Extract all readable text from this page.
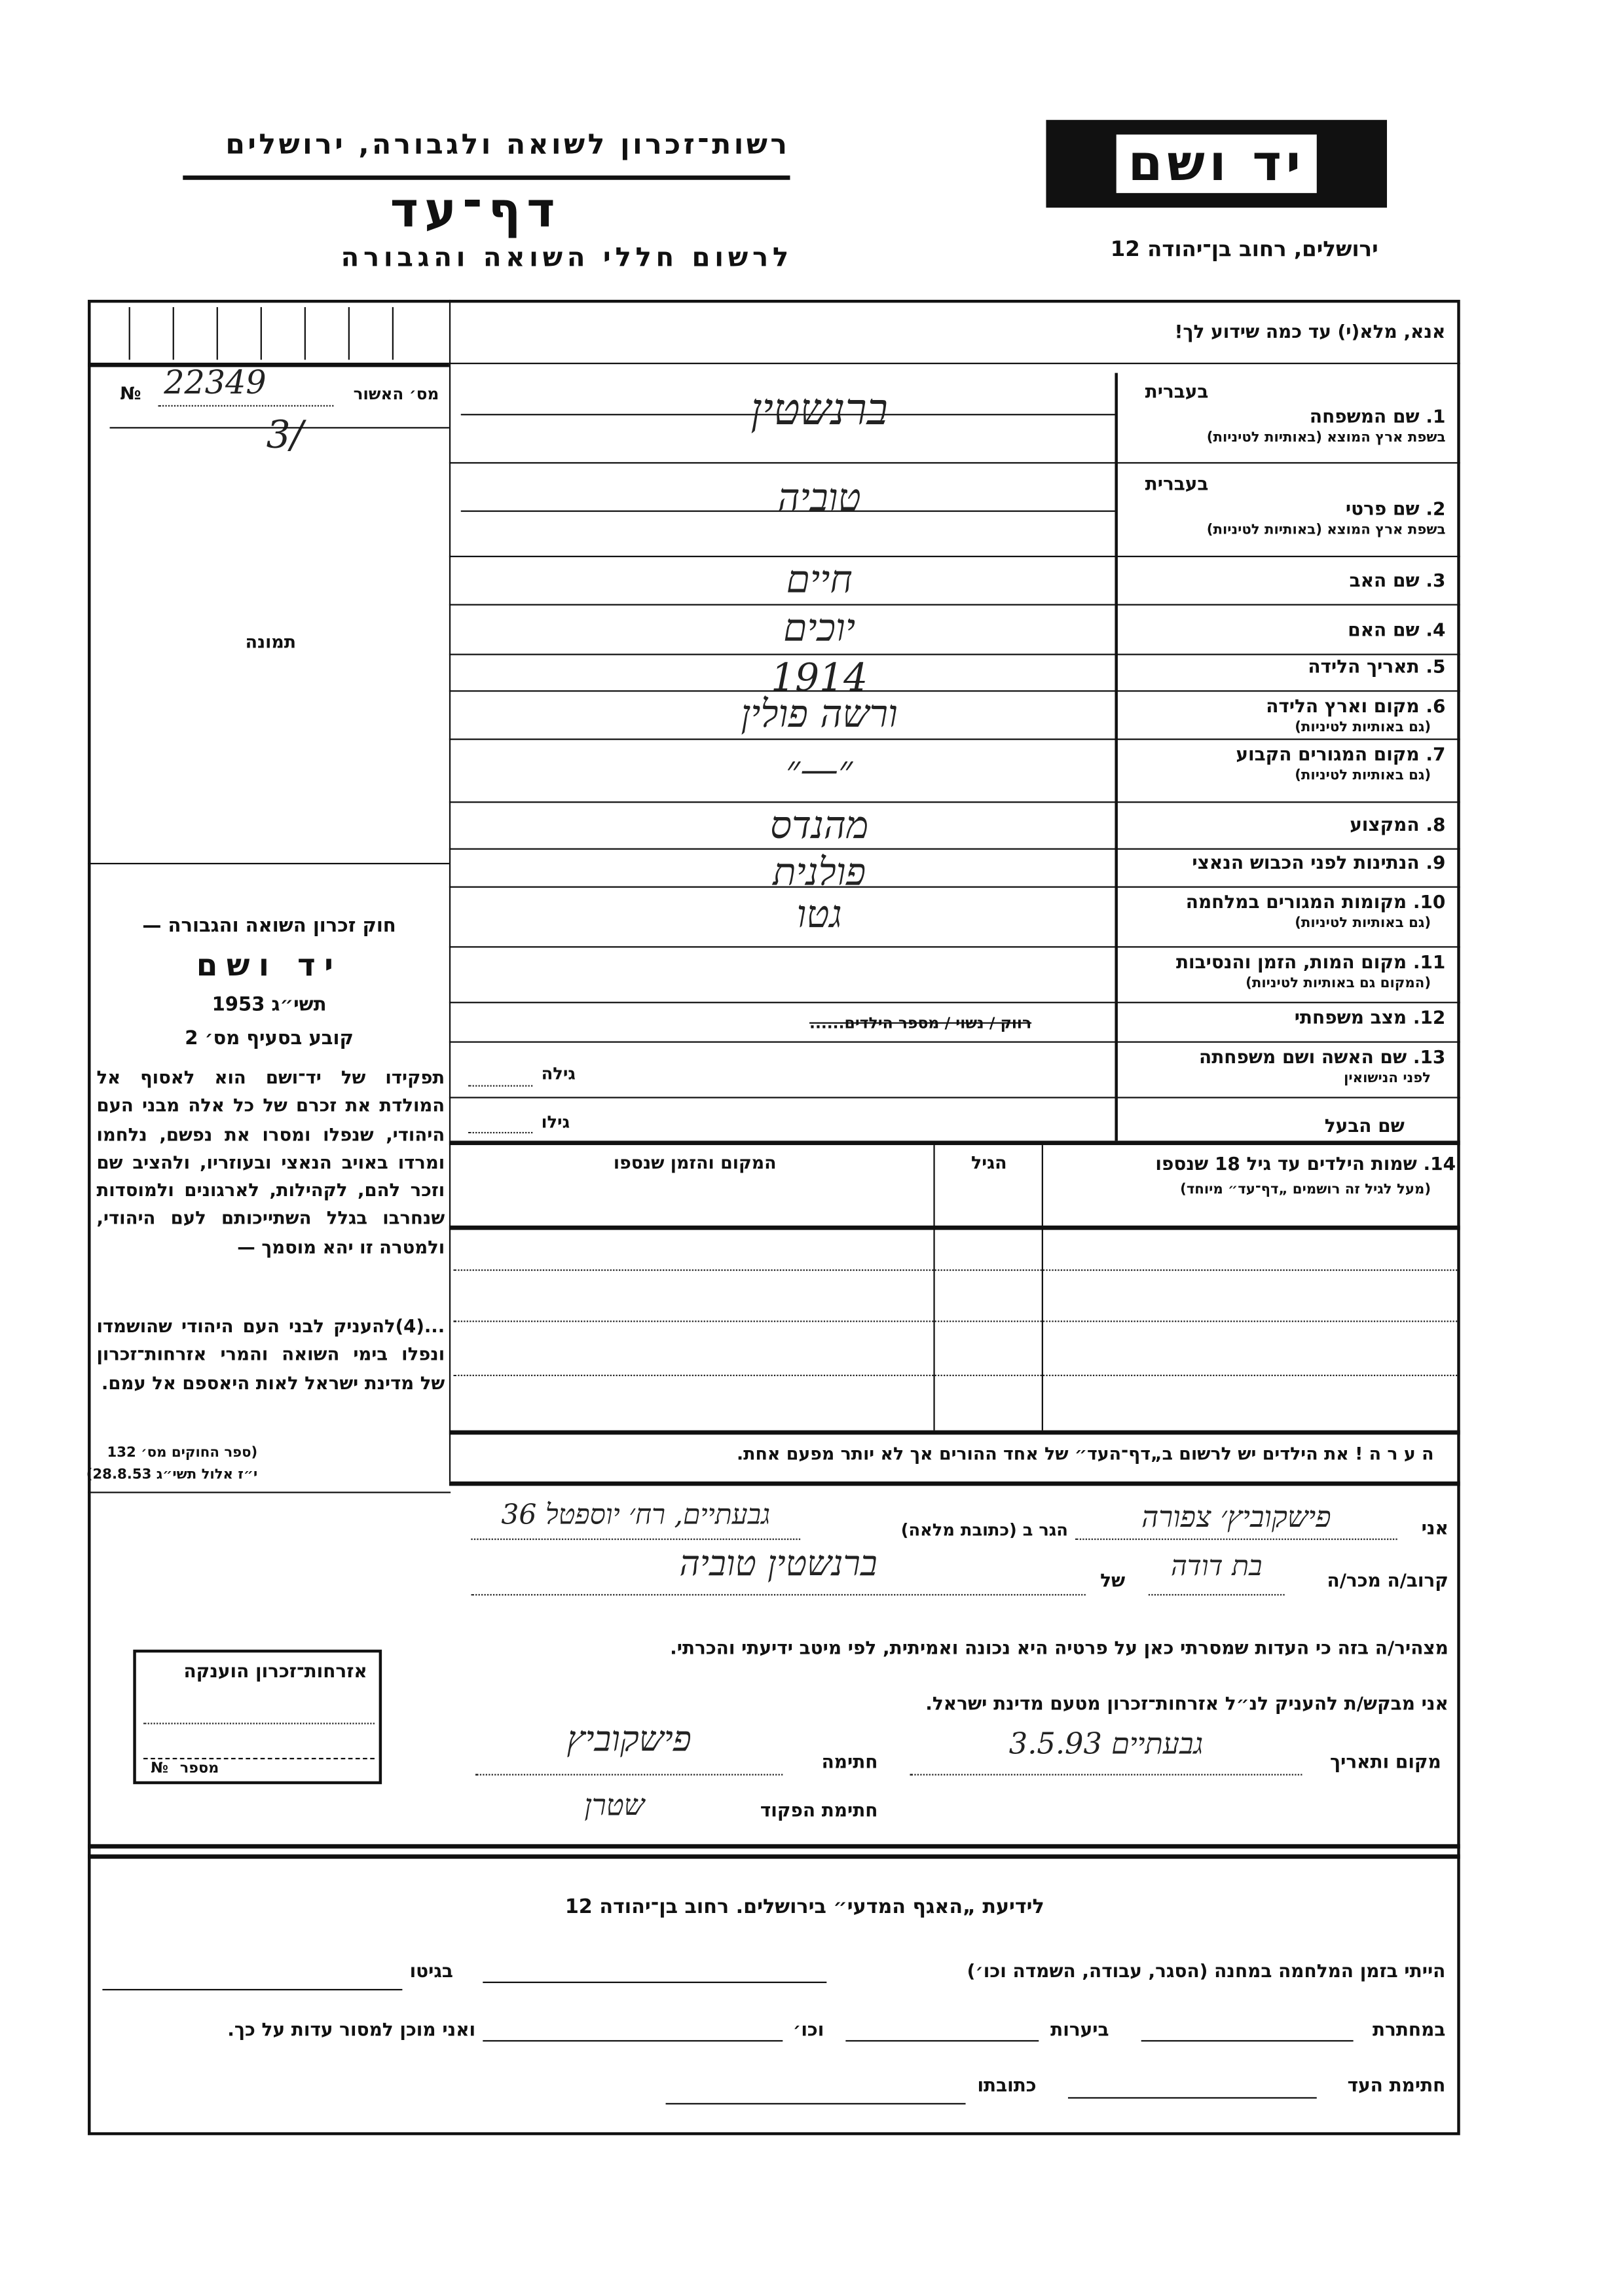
רשות־זכרון לשואה ולגבורה, ירושלים
דף־עד
לרשום חללי השואה והגבורה
יד ושם
ירושלים, רחוב בן־יהודה 12
№ 22349
/3
מס׳ האשור
תמונה
חוק זכרון השואה והגבורה —
יד ושם
תשי״ג 1953
קובע בסעיף מס׳ 2
תפקידו של יד־ושם הוא לאסוף אל המולדת את זכרם של כל אלה מבני העם היהודי, שנפלו ומסרו את נפשם, נלחמו ומרדו באויב הנאצי ובעוזריו, ולהציב שם וזכר להם, לקהילות, לארגונים ולמוסדות שנחרבו בגלל השתייכותם לעם היהודי, ולמטרה זו יהא מוסמך —
...(4)להעניק לבני העם היהודי שהושמדו ונפלו בימי השואה והמרי אזרחות־זכרון של מדינת ישראל לאות היאספם אל עמם.
(ספר החוקים מס׳ 132
י״ז אלול תשי״ג 28.8.53)
אזרחות־זכרון הוענקה
№ מספר
אנא, מלא(י) עד כמה שידוע לך!
גילה
שם הבעל
גילו
14. שמות הילדים עד גיל 18 שנספו
(מעל לגיל זה רושמים „דף־עד״ מיוחד)
הגיל
המקום והזמן שנספו
ה ע ר ה ! את הילדים יש לרשום ב„דף־העד״ של אחד ההורים אך לא יותר מפעם אחת.
אני
פישקוביץ׳ צפורה
הגר ב (כתובת מלאה)
גבעתיים, רח׳ יוספטל 36
קרוב/ה מכר/ה
בת דודה
של
ברנשטין טוביה
מצהיר/ה בזה כי העדות שמסרתי כאן על פרטיה היא נכונה ואמיתית, לפי מיטב ידיעתי והכרתי.
אני מבקש/ת להעניק לנ״ל אזרחות־זכרון מטעם מדינת ישראל.
מקום ותאריך
גבעתיים 3.5.93
חתימה
פישקוביץ
חתימת הפקוד
שטרן
לידיעת „האגף המדעי״ בירושלים. רחוב בן־יהודה 12
הייתי בזמן המלחמה במחנה (הסגר, עבודה, השמדה וכו׳)
בגיטו
במחתרת
ביערות
וכו׳
ואני מוכן למסור עדות על כך.
חתימת העד
כתובתו
1. שם המשפחה
בעברית
בשפת ארץ המוצא (באותיות לטיניות)
ברנשטין
2. שם פרטי
בעברית
בשפת ארץ המוצא (באותיות לטיניות)
טוביה
3. שם האב
חיים
4. שם האם
יוכים
5. תאריך הלידה
1914
6. מקום וארץ הלידה
(גם באותיות לטיניות)
ורשה פולין
7. מקום המגורים הקבוע
(גם באותיות לטיניות)
״—״
8. המקצוע
מהנדס
9. הנתינות לפני הכבוש הנאצי
פולנית
10. מקומות המגורים במלחמה
(גם באותיות לטיניות)
גטו
11. מקום המות, הזמן והנסיבות
(המקום גם באותיות לטיניות)
12. מצב משפחתי
רווק / נשוי / מספר הילדים......
13. שם האשה ושם משפחתה
לפני הנישואין
